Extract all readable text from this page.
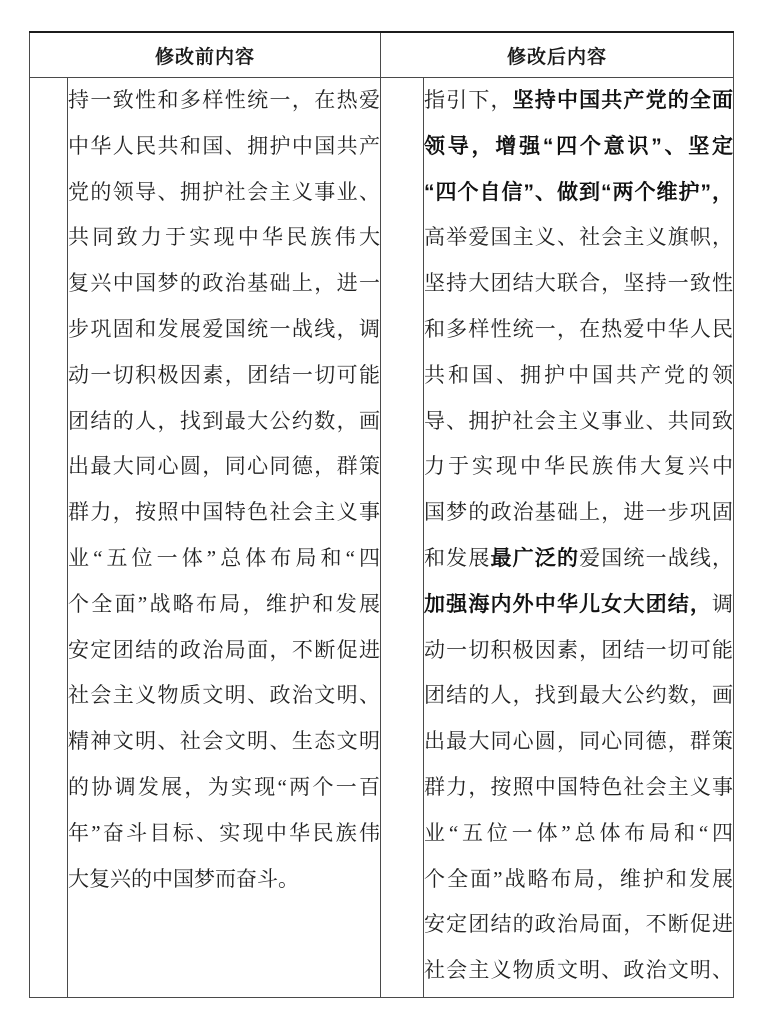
修改前内容		修改后内容	

持一致性和多样性统一，在热爱
中华人民共和国、拥护中国共产
党的领导、拥护社会主义事业、
共同致力于实现中华民族伟大
复兴中国梦的政治基础上，进一
步巩固和发展爱国统一战线，调
动一切积极因素，团结一切可能
团结的人，找到最大公约数，画
出最大同心圆，同心同德，群策
群力，按照中国特色社会主义事
业“五位一体”总体布局和“四
个全面”战略布局，维护和发展
安定团结的政治局面，不断促进
社会主义物质文明、政治文明、
精神文明、社会文明、生态文明
的协调发展，为实现“两个一百
年”奋斗目标、实现中华民族伟
大复兴的中国梦而奋斗。

指引下，坚持中国共产党的全面
领导，增强“四个意识”、坚定
“四个自信”、做到“两个维护”，
高举爱国主义、社会主义旗帜，
坚持大团结大联合，坚持一致性
和多样性统一，在热爱中华人民
共和国、拥护中国共产党的领
导、拥护社会主义事业、共同致
力于实现中华民族伟大复兴中
国梦的政治基础上，进一步巩固
和发展最广泛的爱国统一战线，
加强海内外中华儿女大团结，调
动一切积极因素，团结一切可能
团结的人，找到最大公约数，画
出最大同心圆，同心同德，群策
群力，按照中国特色社会主义事
业“五位一体”总体布局和“四
个全面”战略布局，维护和发展
安定团结的政治局面，不断促进
社会主义物质文明、政治文明、
